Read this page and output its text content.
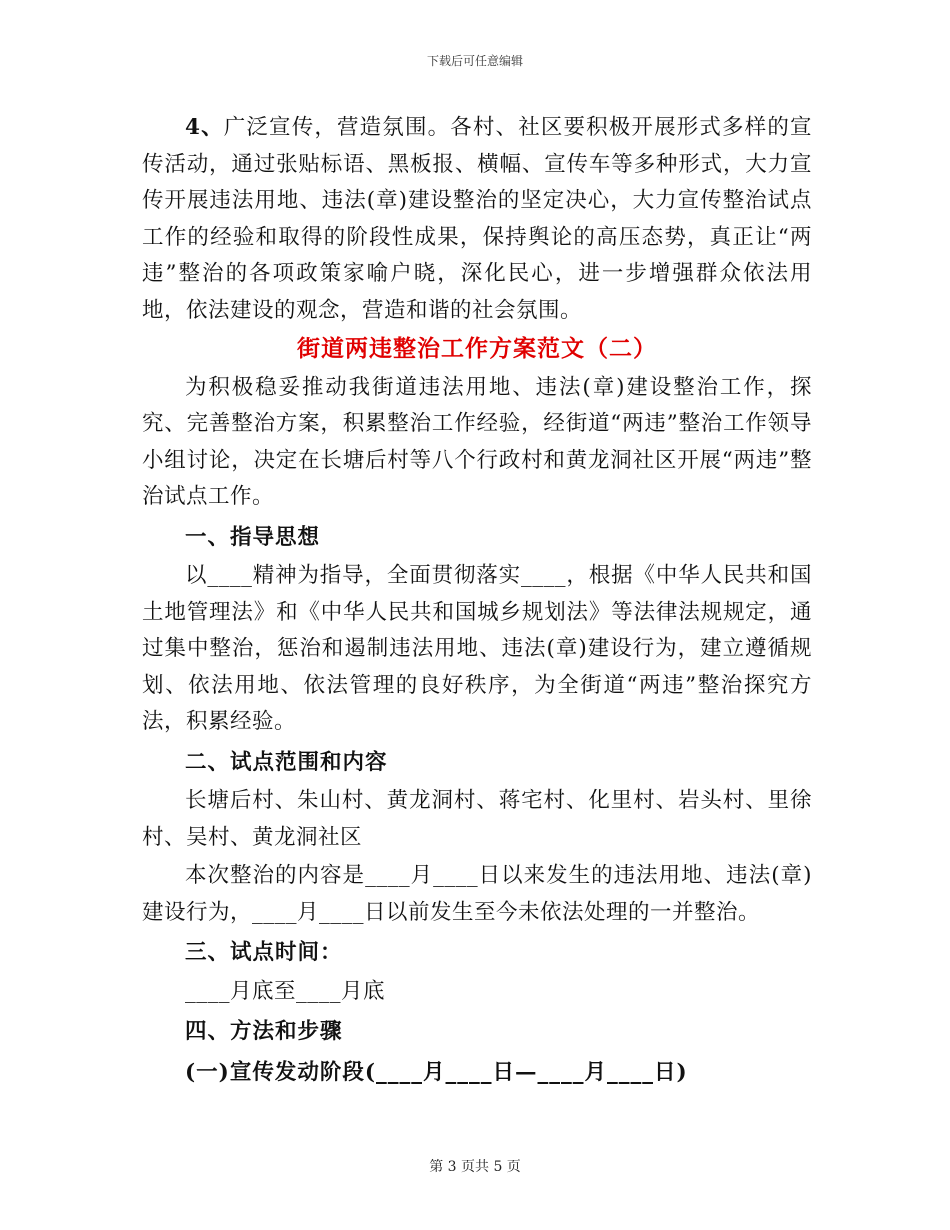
下载后可任意编辑

4、广泛宣传，营造氛围。各村、社区要积极开展形式多样的宣传活动，通过张贴标语、黑板报、横幅、宣传车等多种形式，大力宣传开展违法用地、违法(章)建设整治的坚定决心，大力宣传整治试点工作的经验和取得的阶段性成果，保持舆论的高压态势，真正让“两违”整治的各项政策家喻户晓，深化民心，进一步增强群众依法用地，依法建设的观念，营造和谐的社会氛围。

街道两违整治工作方案范文（二）

为积极稳妥推动我街道违法用地、违法(章)建设整治工作，探究、完善整治方案，积累整治工作经验，经街道“两违”整治工作领导小组讨论，决定在长塘后村等八个行政村和黄龙洞社区开展“两违”整治试点工作。

一、指导思想

以____精神为指导，全面贯彻落实____，根据《中华人民共和国土地管理法》和《中华人民共和国城乡规划法》等法律法规规定，通过集中整治，惩治和遏制违法用地、违法(章)建设行为，建立遵循规划、依法用地、依法管理的良好秩序，为全街道“两违”整治探究方法，积累经验。

二、试点范围和内容

长塘后村、朱山村、黄龙洞村、蒋宅村、化里村、岩头村、里徐村、吴村、黄龙洞社区

本次整治的内容是____月____日以来发生的违法用地、违法(章)建设行为，____月____日以前发生至今未依法处理的一并整治。

三、试点时间：

____月底至____月底

四、方法和步骤

(一)宣传发动阶段(____月____日—____月____日)

第 3 页共 5 页
